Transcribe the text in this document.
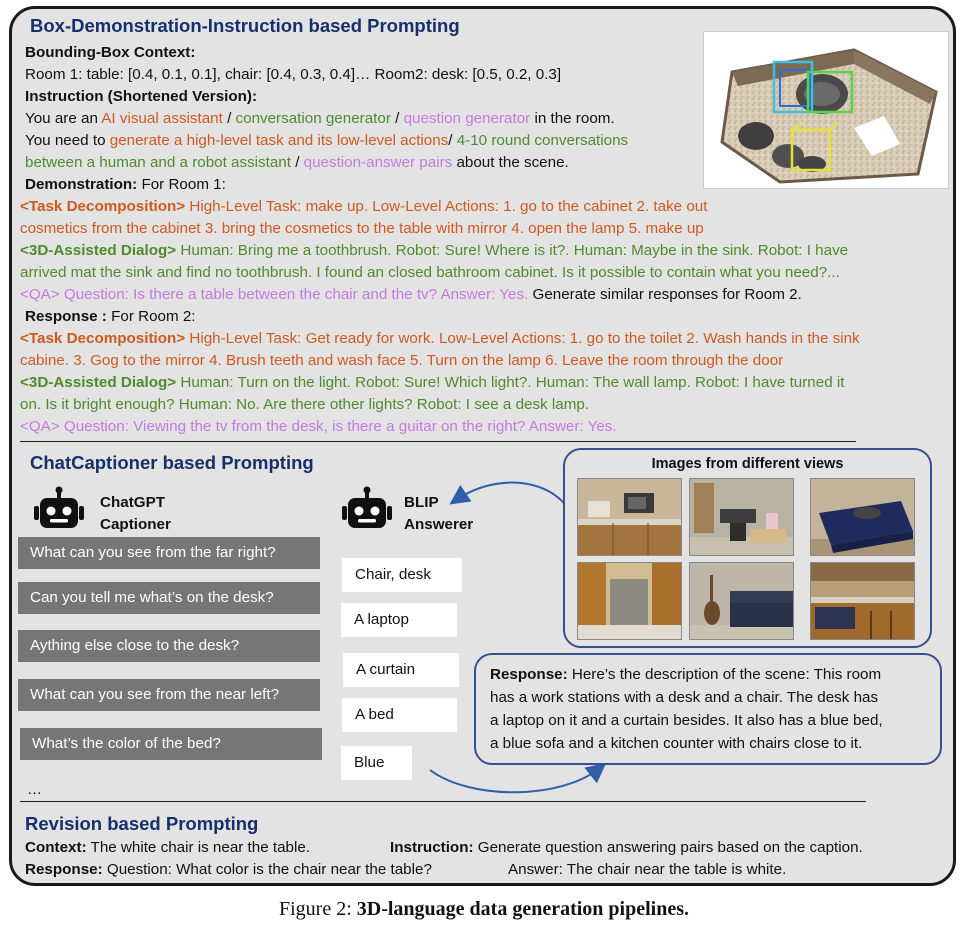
Box-Demonstration-Instruction based Prompting
Bounding-Box Context:
Room 1: table: [0.4, 0.1, 0.1], chair: [0.4, 0.3, 0.4]… Room2: desk: [0.5, 0.2, 0.3]
Instruction (Shortened Version):
You are an AI visual assistant / conversation generator / question generator in the room.
You need to generate a high-level task and its low-level actions/ 4-10 round conversations
between a human and a robot assistant / question-answer pairs about the scene.
Demonstration: For Room 1:
<Task Decomposition> High-Level Task: make up. Low-Level Actions: 1. go to the cabinet 2. take out
cosmetics from the cabinet 3. bring the cosmetics to the table with mirror 4. open the lamp 5. make up
<3D-Assisted Dialog> Human: Bring me a toothbrush. Robot: Sure! Where is it?. Human: Maybe in the sink. Robot: I have
arrived mat the sink and find no toothbrush. I found an closed bathroom cabinet. Is it possible to contain what you need?...
<QA> Question: Is there a table between the chair and the tv? Answer: Yes. Generate similar responses for Room 2.
Response : For Room 2:
<Task Decomposition> High-Level Task: Get ready for work. Low-Level Actions: 1. go to the toilet 2. Wash hands in the sink
cabine. 3. Gog to the mirror 4. Brush teeth and wash face 5. Turn on the lamp 6. Leave the room through the door
<3D-Assisted Dialog> Human: Turn on the light. Robot: Sure! Which light?. Human: The wall lamp. Robot: I have turned it
on. Is it bright enough? Human: No. Are there other lights? Robot: I see a desk lamp.
<QA> Question: Viewing the tv from the desk, is there a guitar on the right? Answer: Yes.
ChatCaptioner based Prompting
ChatGPT
Captioner
BLIP
Answerer
What can you see from the far right?
Can you tell me what’s on the desk?
Aything else close to the desk?
What can you see from the near left?
What’s the color of the bed?
Chair, desk
A laptop
A curtain
A bed
Blue
…
Images from different views
Response: Here’s the description of the scene: This room
has a work stations with a desk and a chair. The desk has
a laptop on it and a curtain besides. It also has a blue bed,
a blue sofa and a kitchen counter with chairs close to it.
Revision based Prompting
Context: The white chair is near the table.	Instruction: Generate question answering pairs based on the caption.
Response: Question: What color is the chair near the table?	Answer: The chair near the table is white.
Figure 2: 3D-language data generation pipelines.
